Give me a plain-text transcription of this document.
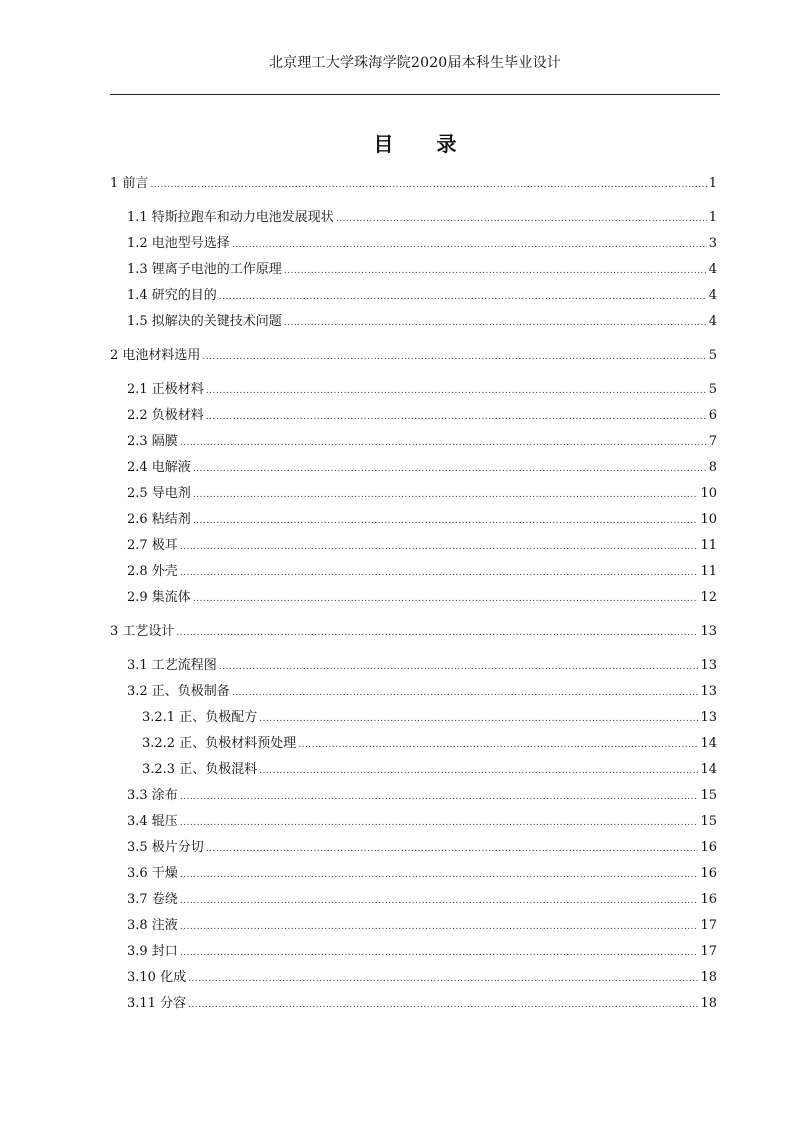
北京理工大学珠海学院2020届本科生毕业设计
目 录
1 前言 .....	1
1.1 特斯拉跑车和动力电池发展现状 .....	1
1.2 电池型号选择 .....	3
1.3 锂离子电池的工作原理 .....	4
1.4 研究的目的 .....	4
1.5 拟解决的关键技术问题 .....	4
2 电池材料选用 .....	5
2.1 正极材料 .....	5
2.2 负极材料 .....	6
2.3 隔膜 .....	7
2.4 电解液 .....	8
2.5 导电剂 .....	10
2.6 粘结剂 .....	10
2.7 极耳 .....	11
2.8 外壳 .....	11
2.9 集流体 .....	12
3 工艺设计 .....	13
3.1 工艺流程图 .....	13
3.2 正、负极制备 .....	13
3.2.1 正、负极配方 .....	13
3.2.2 正、负极材料预处理 .....	14
3.2.3 正、负极混料 .....	14
3.3 涂布 .....	15
3.4 辊压 .....	15
3.5 极片分切 .....	16
3.6 干燥 .....	16
3.7 卷绕 .....	16
3.8 注液 .....	17
3.9 封口 .....	17
3.10 化成 .....	18
3.11 分容 .....	18
